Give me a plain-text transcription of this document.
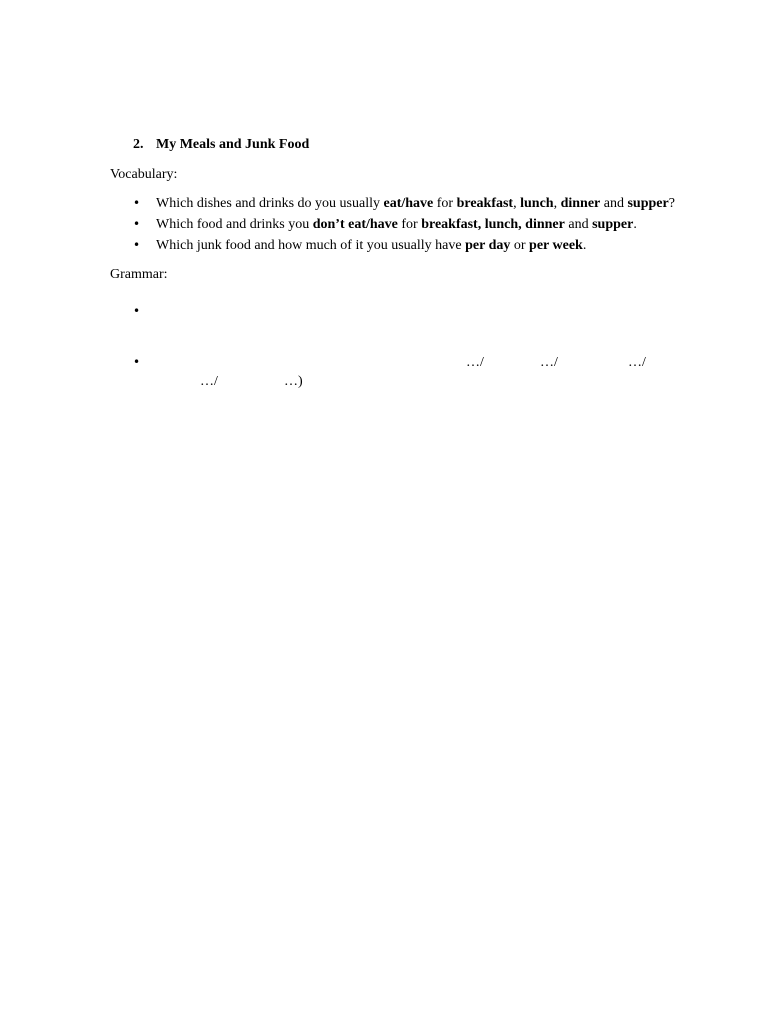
2. My Meals and Junk Food
Vocabulary:
• Which dishes and drinks do you usually eat/have for breakfast, lunch, dinner and supper?
• Which food and drinks you don’t eat/have for breakfast, lunch, dinner and supper.
• Which junk food and how much of it you usually have per day or per week.
Grammar:
•
•	…/	…/	…/
…/	…)
